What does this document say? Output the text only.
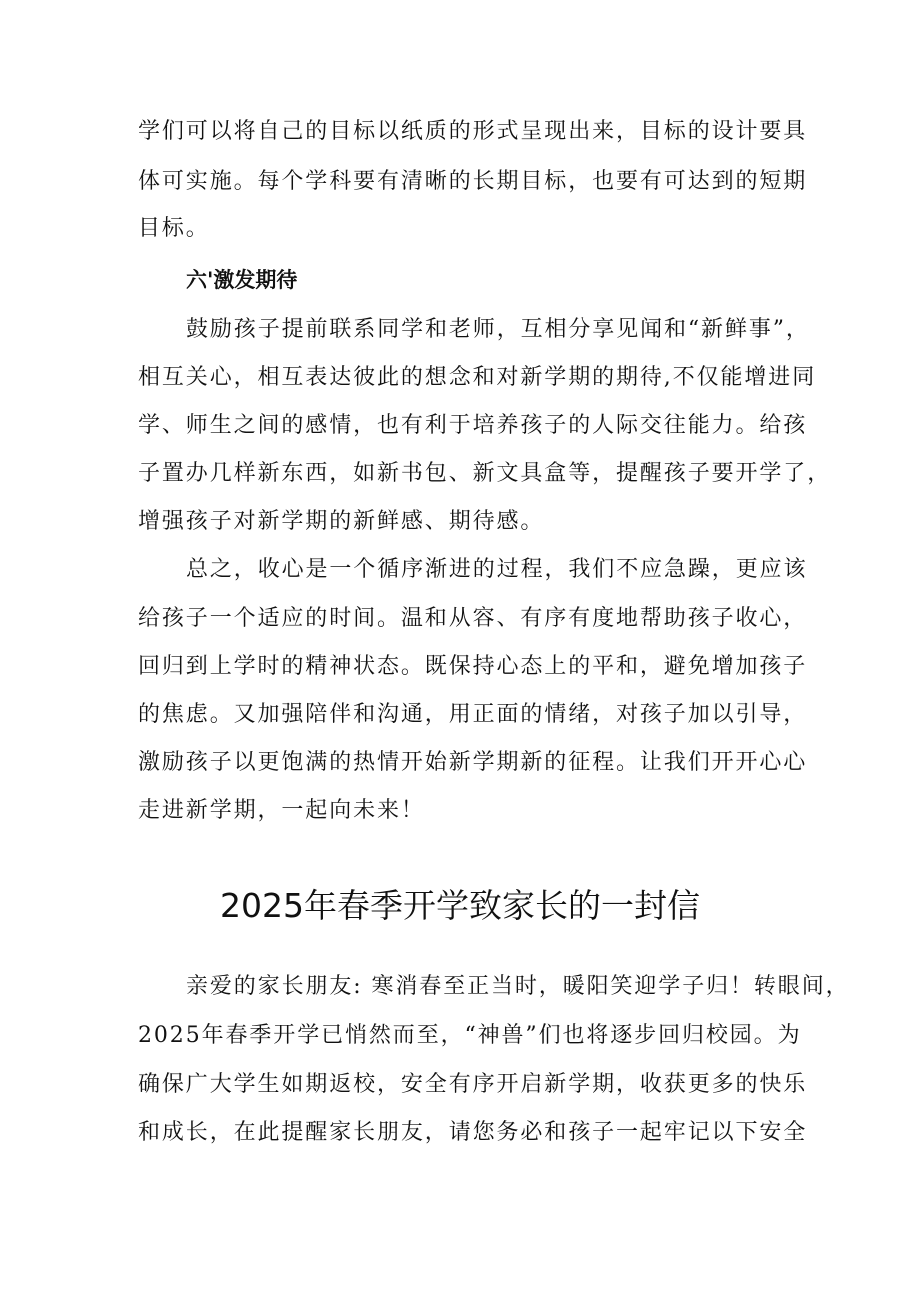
学们可以将自己的目标以纸质的形式呈现出来，目标的设计要具
体可实施。每个学科要有清晰的长期目标，也要有可达到的短期
目标。
六'激发期待
鼓励孩子提前联系同学和老师，互相分享见闻和“新鲜事”，
相互关心，相互表达彼此的想念和对新学期的期待,不仅能增进同
学、师生之间的感情，也有利于培养孩子的人际交往能力。给孩
子置办几样新东西，如新书包、新文具盒等，提醒孩子要开学了，
增强孩子对新学期的新鲜感、期待感。
总之，收心是一个循序渐进的过程，我们不应急躁，更应该
给孩子一个适应的时间。温和从容、有序有度地帮助孩子收心，
回归到上学时的精神状态。既保持心态上的平和，避免增加孩子
的焦虑。又加强陪伴和沟通，用正面的情绪，对孩子加以引导，
激励孩子以更饱满的热情开始新学期新的征程。让我们开开心心
走进新学期，一起向未来！
2025年春季开学致家长的一封信
亲爱的家长朋友: 寒消春至正当时，暖阳笑迎学子归！转眼间，
2025年春季开学已悄然而至，“神兽”们也将逐步回归校园。为
确保广大学生如期返校，安全有序开启新学期，收获更多的快乐
和成长，在此提醒家长朋友，请您务必和孩子一起牢记以下安全
